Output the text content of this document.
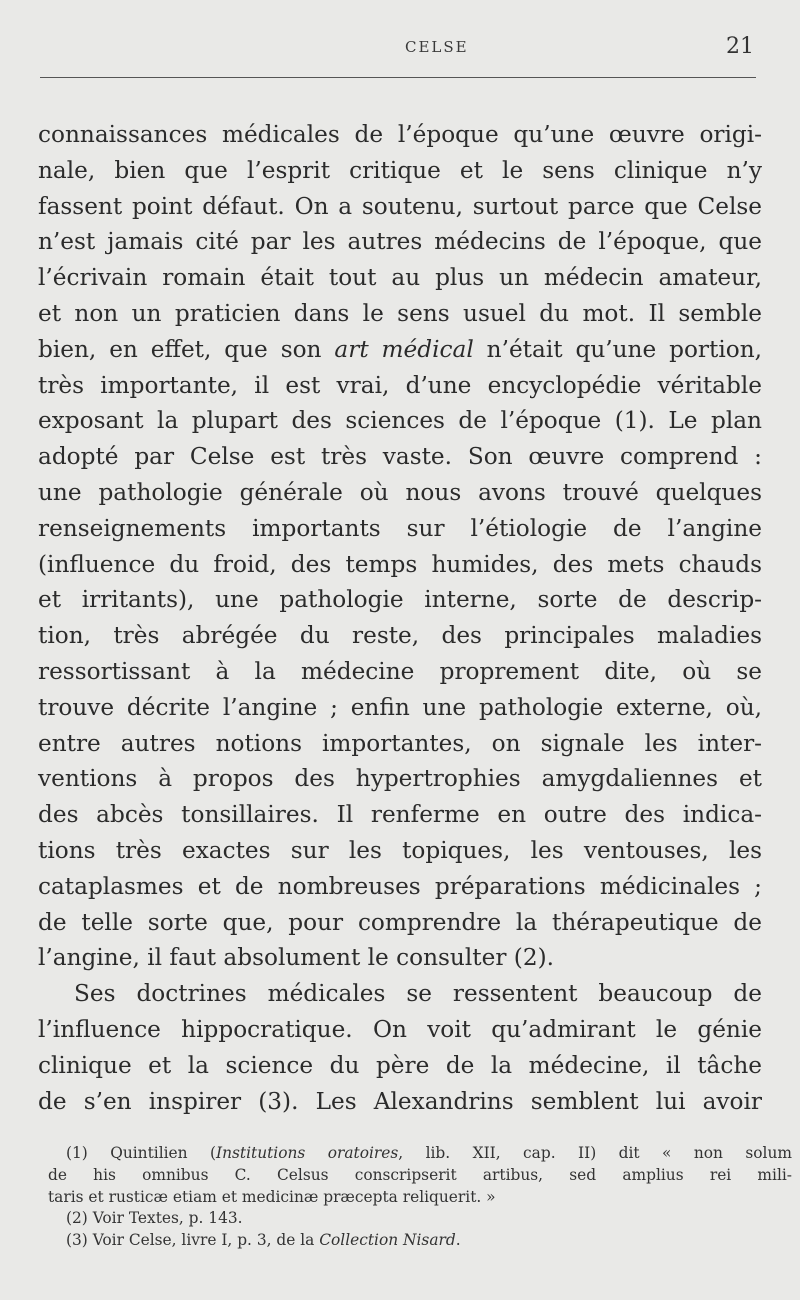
CELSE	21
connaissances médicales de l’époque qu’une œuvre origi-
nale, bien que l’esprit critique et le sens clinique n’y
fassent point défaut. On a soutenu, surtout parce que Celse
n’est jamais cité par les autres médecins de l’époque, que
l’écrivain romain était tout au plus un médecin amateur,
et non un praticien dans le sens usuel du mot. Il semble
bien, en effet, que son art médical n’était qu’une portion,
très importante, il est vrai, d’une encyclopédie véritable
exposant la plupart des sciences de l’époque (1). Le plan
adopté par Celse est très vaste. Son œuvre comprend :
une pathologie générale où nous avons trouvé quelques
renseignements importants sur l’étiologie de l’angine
(influence du froid, des temps humides, des mets chauds
et irritants), une pathologie interne, sorte de descrip-
tion, très abrégée du reste, des principales maladies
ressortissant à la médecine proprement dite, où se
trouve décrite l’angine ; enfin une pathologie externe, où,
entre autres notions importantes, on signale les inter-
ventions à propos des hypertrophies amygdaliennes et
des abcès tonsillaires. Il renferme en outre des indica-
tions très exactes sur les topiques, les ventouses, les
cataplasmes et de nombreuses préparations médicinales ;
de telle sorte que, pour comprendre la thérapeutique de
l’angine, il faut absolument le consulter (2).
Ses doctrines médicales se ressentent beaucoup de
l’influence hippocratique. On voit qu’admirant le génie
clinique et la science du père de la médecine, il tâche
de s’en inspirer (3). Les Alexandrins semblent lui avoir
(1) Quintilien (Institutions oratoires, lib. XII, cap. II) dit « non solum
de his omnibus C. Celsus conscripserit artibus, sed amplius rei mili-
taris et rusticæ etiam et medicinæ præcepta reliquerit. »
(2) Voir Textes, p. 143.
(3) Voir Celse, livre I, p. 3, de la Collection Nisard.
